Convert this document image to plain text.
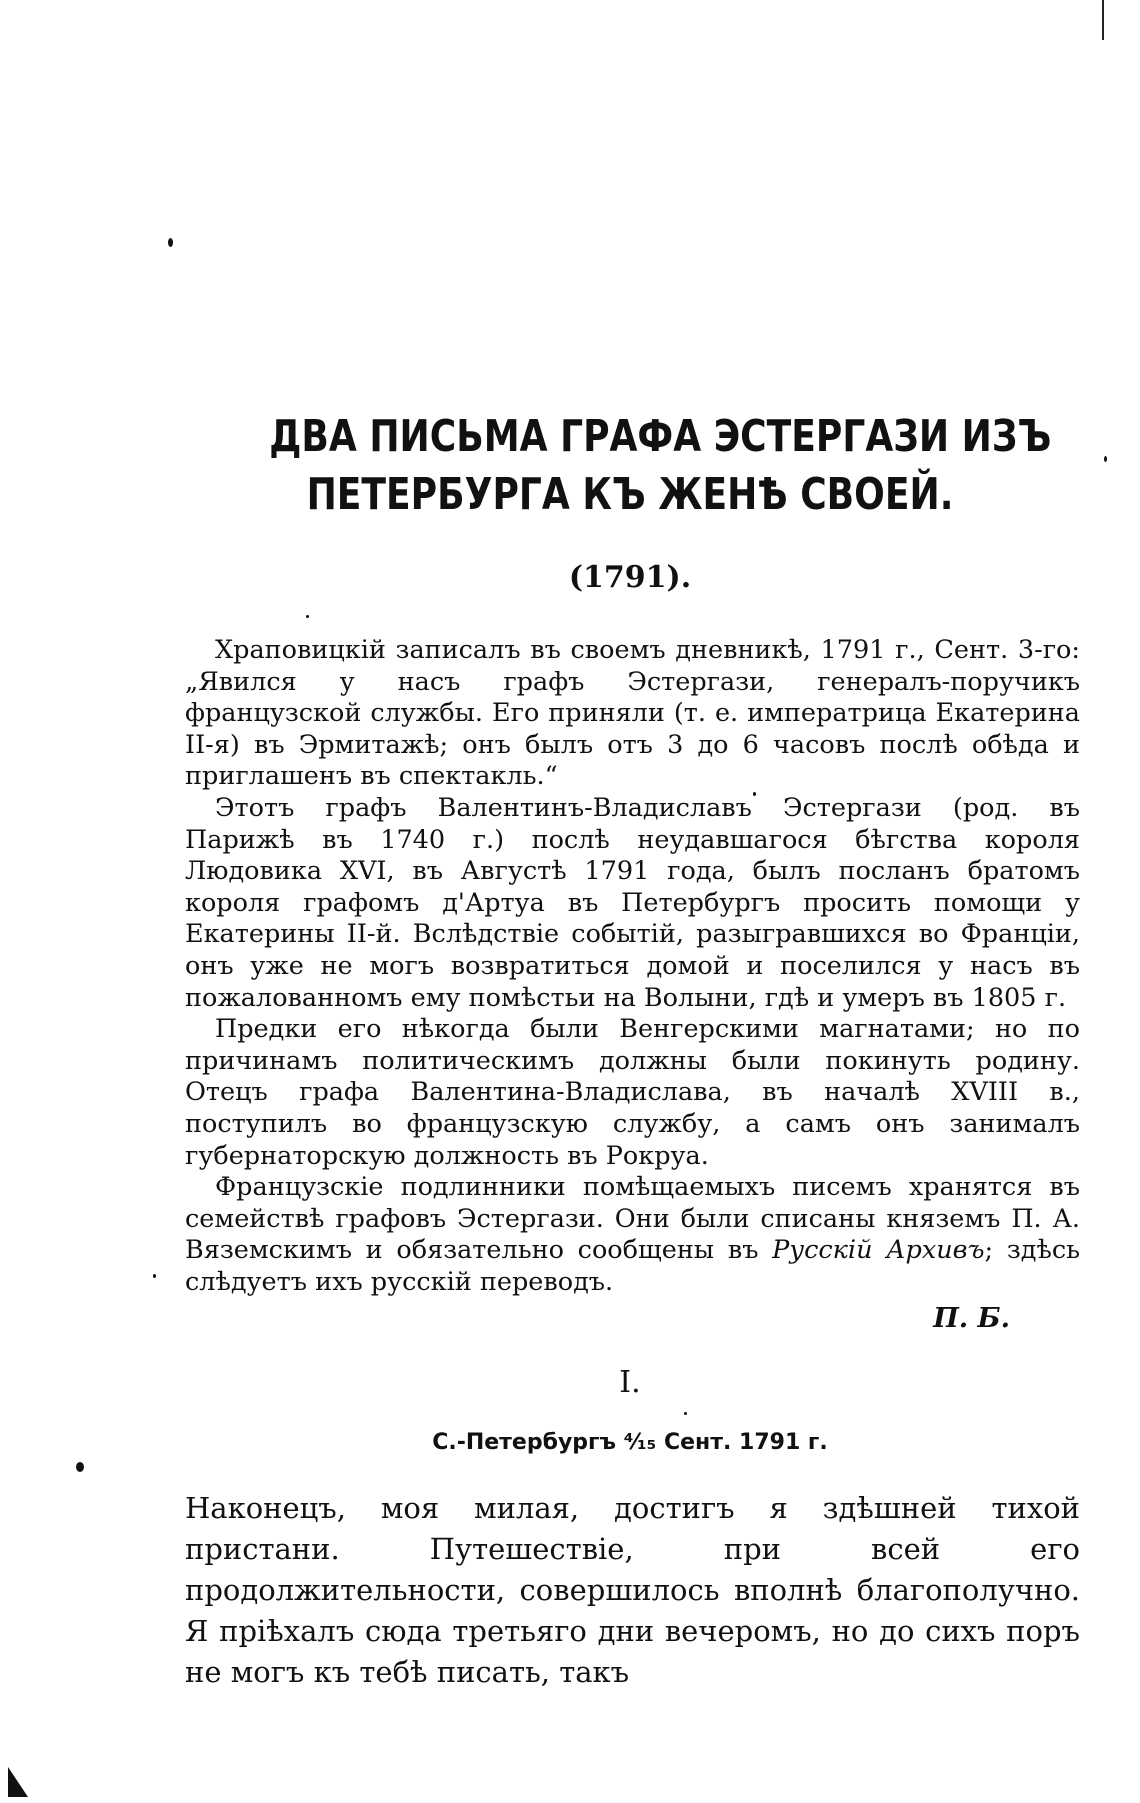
ДВА ПИСЬМА ГРАФА ЭСТЕРГАЗИ ИЗЪ
ПЕТЕРБУРГА КЪ ЖЕНѢ СВОЕЙ.
(1791).

Храповицкій записалъ въ своемъ дневникѣ, 1791 г., Сент. 3-го: „Явился у насъ графъ Эстергази, генералъ-поручикъ французской службы. Его приняли (т. е. императрица Екатерина II-я) въ Эрмитажѣ; онъ былъ отъ 3 до 6 часовъ послѣ обѣда и приглашенъ въ спектакль.“

Этотъ графъ Валентинъ-Владиславъ Эстергази (род. въ Парижѣ въ 1740 г.) послѣ неудавшагося бѣгства короля Людовика XVI, въ Августѣ 1791 года, былъ посланъ братомъ короля графомъ д'Артуа въ Петербургъ просить помощи у Екатерины II-й. Вслѣдствіе событій, разыгравшихся во Франціи, онъ уже не могъ возвратиться домой и поселился у насъ въ пожалованномъ ему помѣстьи на Волыни, гдѣ и умеръ въ 1805 г.

Предки его нѣкогда были Венгерскими магнатами; но по причинамъ политическимъ должны были покинуть родину. Отецъ графа Валентина-Владислава, въ началѣ XVIII в., поступилъ во французскую службу, а самъ онъ занималъ губернаторскую должность въ Рокруа.

Французскіе подлинники помѣщаемыхъ писемъ хранятся въ семействѣ графовъ Эстергази. Они были списаны княземъ П. А. Вяземскимъ и обязательно сообщены въ Русскій Архивъ; здѣсь слѣдуетъ ихъ русскій переводъ.

П. Б.
I.
С.-Петербургъ ⁴⁄₁₅ Сент. 1791 г.

Наконецъ, моя милая, достигъ я здѣшней тихой пристани. Путешествіе, при всей его продолжительности, совершилось вполнѣ благополучно. Я пріѣхалъ сюда третьяго дни вечеромъ, но до сихъ поръ не могъ къ тебѣ писать, такъ
